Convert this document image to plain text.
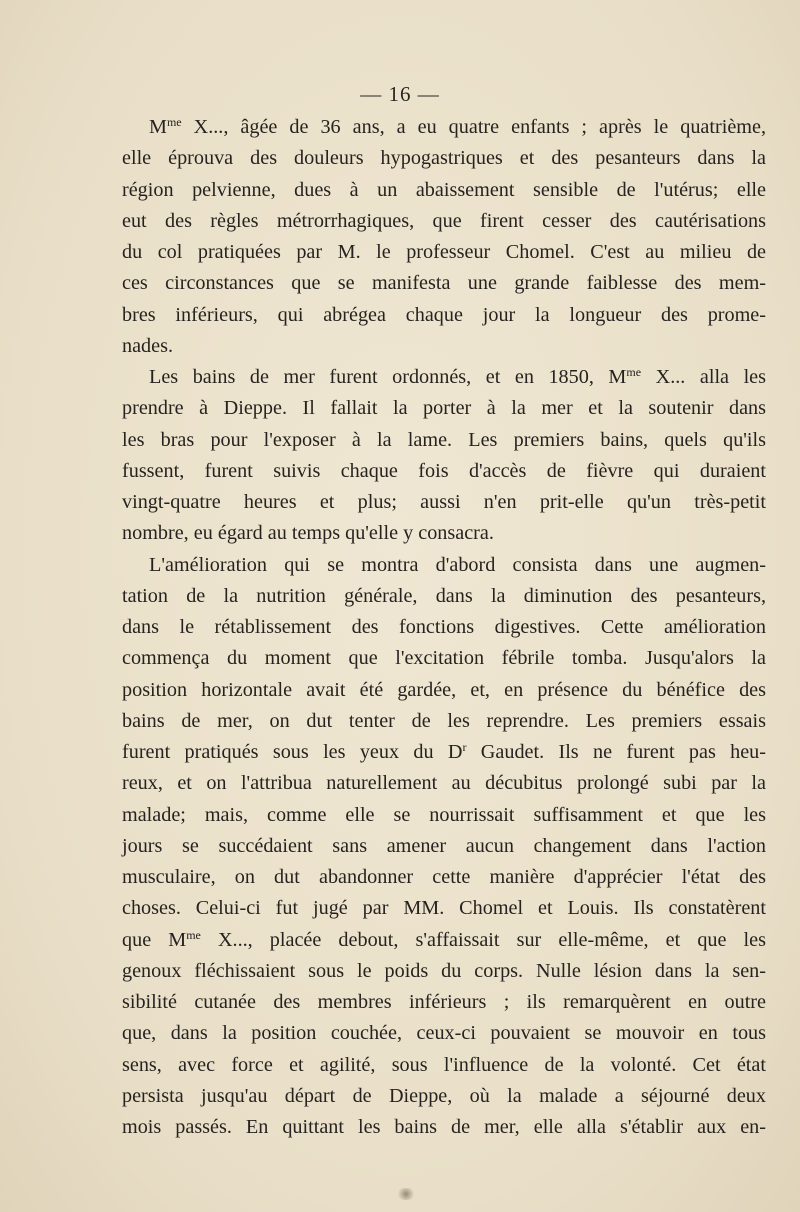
— 16 —
$M^{me}$ X..., âgée de 36 ans, a eu quatre enfants ; après le quatrième,
elle éprouva des douleurs hypogastriques et des pesanteurs dans la
région pelvienne, dues à un abaissement sensible de l'utérus; elle
eut des règles métrorrhagiques, que firent cesser des cautérisations
du col pratiquées par M. le professeur Chomel. C'est au milieu de
ces circonstances que se manifesta une grande faiblesse des mem-
bres inférieurs, qui abrégea chaque jour la longueur des prome-
nades.
Les bains de mer furent ordonnés, et en 1850, $M^{me}$ X... alla les
prendre à Dieppe. Il fallait la porter à la mer et la soutenir dans
les bras pour l'exposer à la lame. Les premiers bains, quels qu'ils
fussent, furent suivis chaque fois d'accès de fièvre qui duraient
vingt-quatre heures et plus; aussi n'en prit-elle qu'un très-petit
nombre, eu égard au temps qu'elle y consacra.
L'amélioration qui se montra d'abord consista dans une augmen-
tation de la nutrition générale, dans la diminution des pesanteurs,
dans le rétablissement des fonctions digestives. Cette amélioration
commença du moment que l'excitation fébrile tomba. Jusqu'alors la
position horizontale avait été gardée, et, en présence du bénéfice des
bains de mer, on dut tenter de les reprendre. Les premiers essais
furent pratiqués sous les yeux du $D^r$ Gaudet. Ils ne furent pas heu-
reux, et on l'attribua naturellement au décubitus prolongé subi par la
malade; mais, comme elle se nourrissait suffisamment et que les
jours se succédaient sans amener aucun changement dans l'action
musculaire, on dut abandonner cette manière d'apprécier l'état des
choses. Celui-ci fut jugé par MM. Chomel et Louis. Ils constatèrent
que $M^{me}$ X..., placée debout, s'affaissait sur elle-même, et que les
genoux fléchissaient sous le poids du corps. Nulle lésion dans la sen-
sibilité cutanée des membres inférieurs ; ils remarquèrent en outre
que, dans la position couchée, ceux-ci pouvaient se mouvoir en tous
sens, avec force et agilité, sous l'influence de la volonté. Cet état
persista jusqu'au départ de Dieppe, où la malade a séjourné deux
mois passés. En quittant les bains de mer, elle alla s'établir aux en-
